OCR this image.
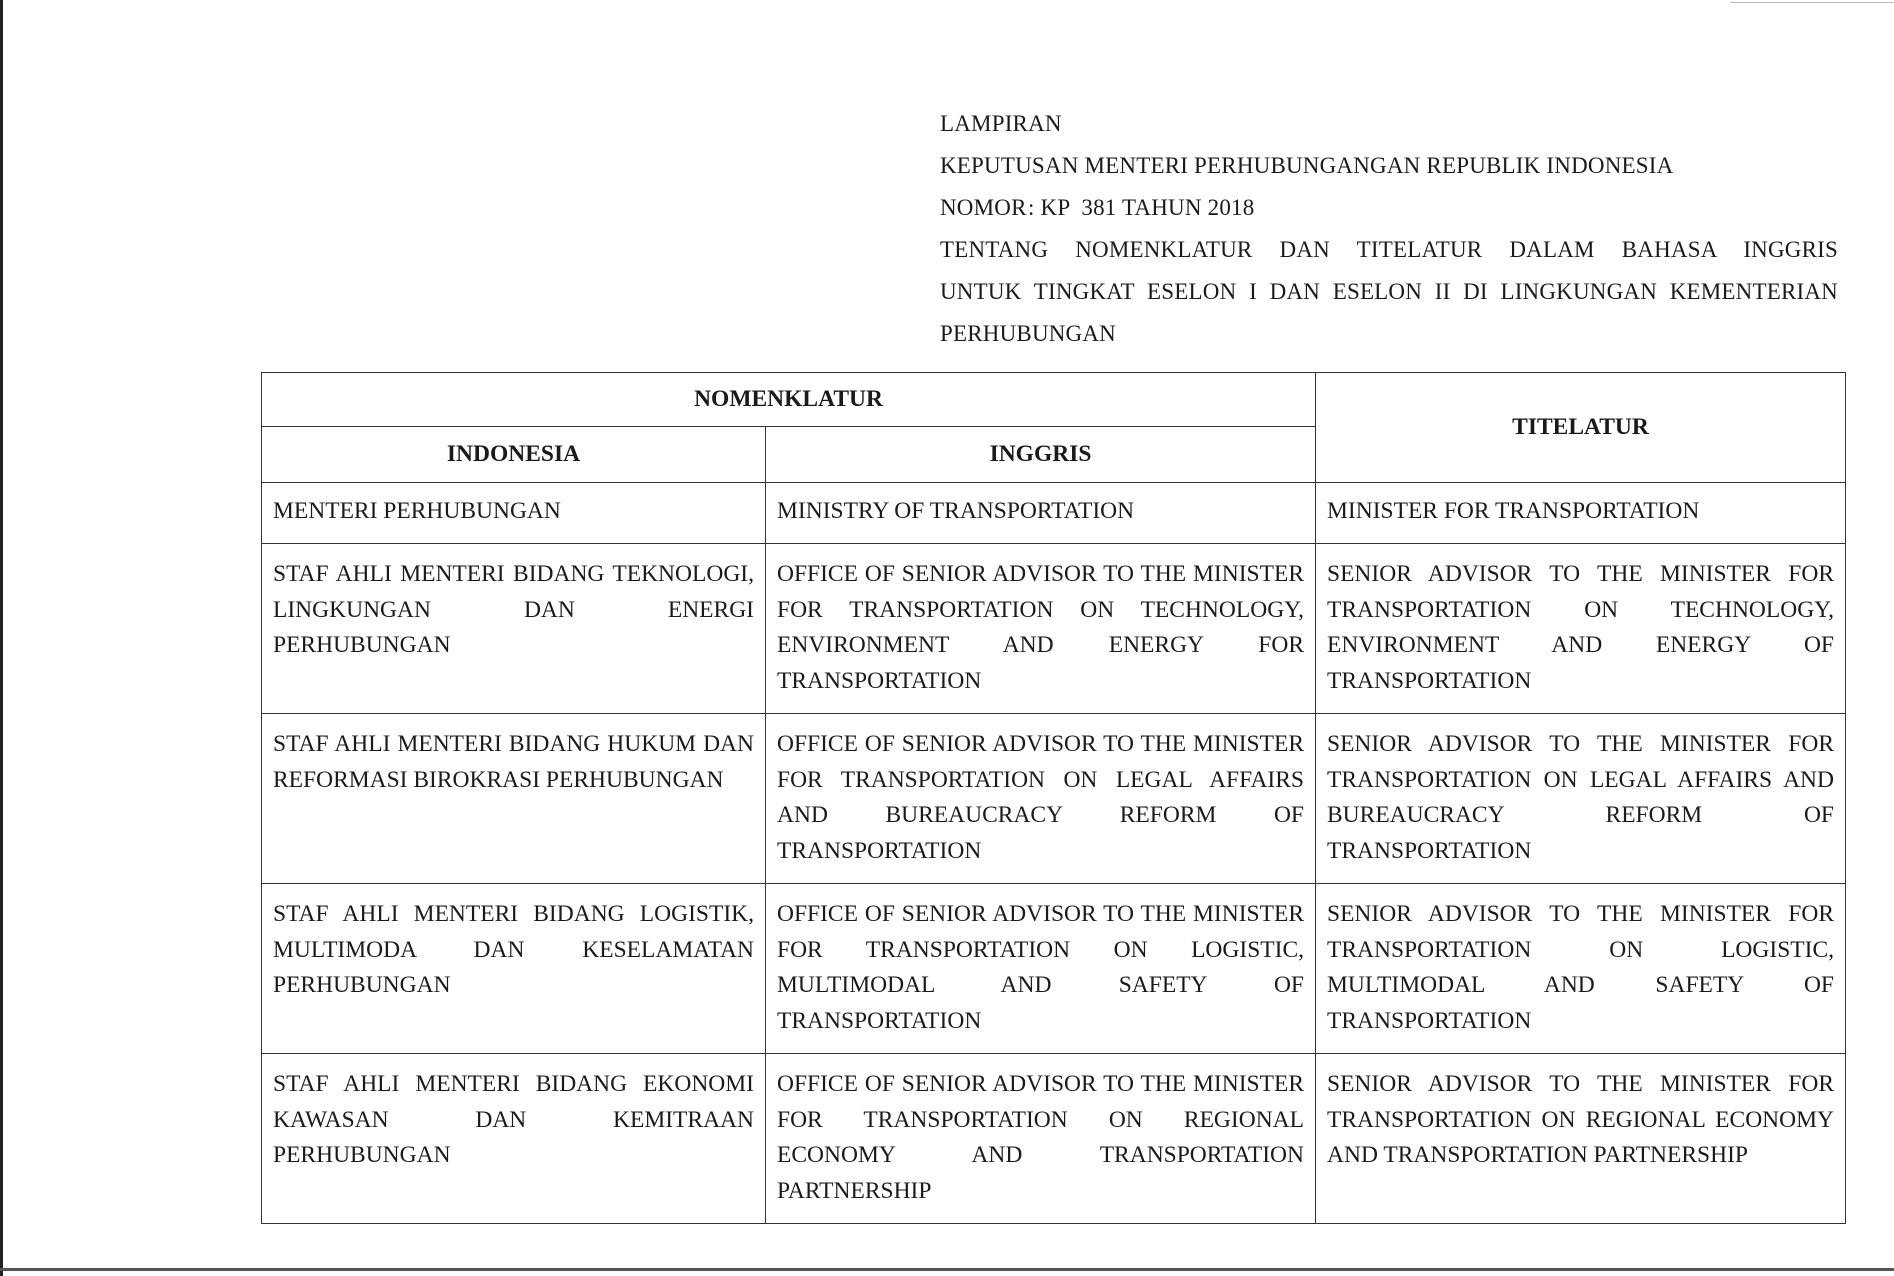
LAMPIRAN
KEPUTUSAN MENTERI PERHUBUNGANGAN REPUBLIK INDONESIA
NOMOR: KP  381 TAHUN 2018
TENTANG NOMENKLATUR DAN TITELATUR DALAM BAHASA INGGRIS
UNTUK TINGKAT ESELON I DAN ESELON II DI LINGKUNGAN KEMENTERIAN
PERHUBUNGAN
NOMENKLATUR		TITELATUR
INDONESIA	INGGRIS	

MENTERI PERHUBUNGAN	MINISTRY OF TRANSPORTATION	MINISTER FOR TRANSPORTATION

STAF AHLI MENTERI BIDANG TEKNOLOGI, LINGKUNGAN DAN ENERGI PERHUBUNGAN	OFFICE OF SENIOR ADVISOR TO THE MINISTER FOR TRANSPORTATION ON TECHNOLOGY, ENVIRONMENT AND ENERGY FOR TRANSPORTATION	SENIOR ADVISOR TO THE MINISTER FOR TRANSPORTATION ON TECHNOLOGY, ENVIRONMENT AND ENERGY OF TRANSPORTATION

STAF AHLI MENTERI BIDANG HUKUM DAN REFORMASI BIROKRASI PERHUBUNGAN	OFFICE OF SENIOR ADVISOR TO THE MINISTER FOR TRANSPORTATION ON LEGAL AFFAIRS AND BUREAUCRACY REFORM OF TRANSPORTATION	SENIOR ADVISOR TO THE MINISTER FOR TRANSPORTATION ON LEGAL AFFAIRS AND BUREAUCRACY REFORM OF TRANSPORTATION

STAF AHLI MENTERI BIDANG LOGISTIK, MULTIMODA DAN KESELAMATAN PERHUBUNGAN	OFFICE OF SENIOR ADVISOR TO THE MINISTER FOR TRANSPORTATION ON LOGISTIC, MULTIMODAL AND SAFETY OF TRANSPORTATION	SENIOR ADVISOR TO THE MINISTER FOR TRANSPORTATION ON LOGISTIC, MULTIMODAL AND SAFETY OF TRANSPORTATION

STAF AHLI MENTERI BIDANG EKONOMI KAWASAN DAN KEMITRAAN PERHUBUNGAN	OFFICE OF SENIOR ADVISOR TO THE MINISTER FOR TRANSPORTATION ON REGIONAL ECONOMY AND TRANSPORTATION PARTNERSHIP	SENIOR ADVISOR TO THE MINISTER FOR TRANSPORTATION ON REGIONAL ECONOMY AND TRANSPORTATION PARTNERSHIP
